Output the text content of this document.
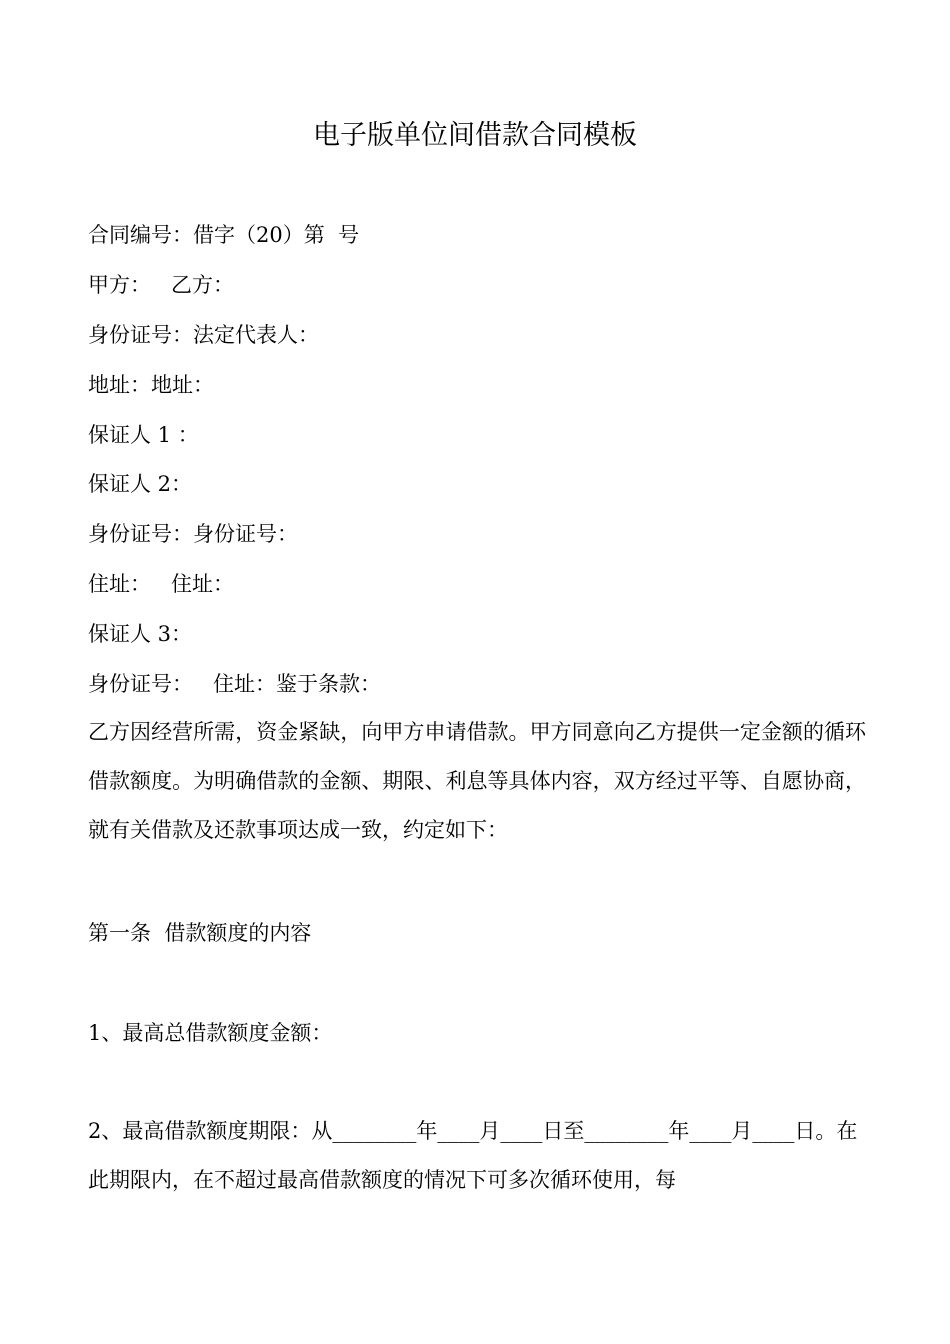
电子版单位间借款合同模板
合同编号：借字（20）第  号
甲方：   乙方：
身份证号：法定代表人：
地址：地址：
保证人 1 ：
保证人 2：
身份证号：身份证号：
住址：   住址：
保证人 3：
身份证号：   住址：鉴于条款：
乙方因经营所需，资金紧缺，向甲方申请借款。甲方同意向乙方提供一定金额的循环借款额度。为明确借款的金额、期限、利息等具体内容，双方经过平等、自愿协商，就有关借款及还款事项达成一致，约定如下：
第一条  借款额度的内容
1、最高总借款额度金额：
2、最高借款额度期限：从________年____月____日至________年____月____日。在此期限内，在不超过最高借款额度的情况下可多次循环使用，每
